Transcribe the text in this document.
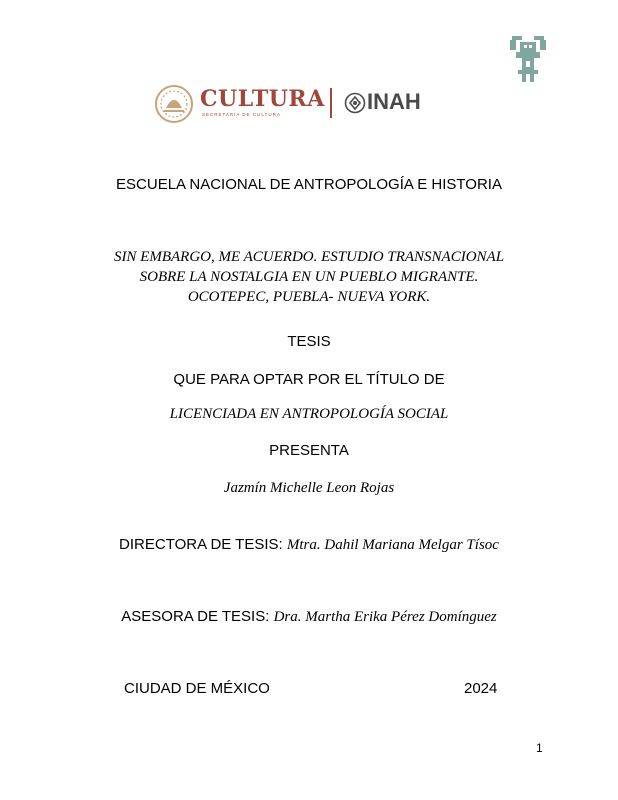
CULTURA
SECRETARÍA DE CULTURA
INAH
ESCUELA NACIONAL DE ANTROPOLOGÍA E HISTORIA
SIN EMBARGO, ME ACUERDO. ESTUDIO TRANSNACIONAL
SOBRE LA NOSTALGIA EN UN PUEBLO MIGRANTE.
OCOTEPEC, PUEBLA- NUEVA YORK.
TESIS
QUE PARA OPTAR POR EL TÍTULO DE
LICENCIADA EN ANTROPOLOGÍA SOCIAL
PRESENTA
Jazmín Michelle Leon Rojas
DIRECTORA DE TESIS: Mtra. Dahil Mariana Melgar Tísoc
ASESORA DE TESIS: Dra. Martha Erika Pérez Domínguez
CIUDAD DE MÉXICO	2024
1
